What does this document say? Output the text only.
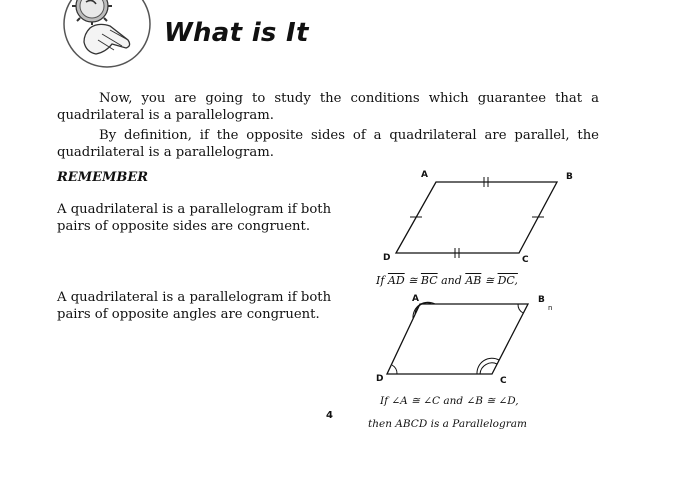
What is It
Now, you are going to study the conditions which guarantee that a quadrilateral is a parallelogram.
By definition, if the opposite sides of a quadrilateral are parallel, the quadrilateral is a parallelogram.
REMEMBER
A quadrilateral is a parallelogram if both pairs of opposite sides are congruent.
A quadrilateral is a parallelogram if both pairs of opposite angles are congruent.
A	B
C
D
If $\overline{AD}$ ≅ $\overline{BC}$ and $\overline{AB}$ ≅ DC,
A	B
n
C
D
If ∠A ≅ ∠C and ∠B ≅ ∠D,
then ABCD is a Parallelogram
4
